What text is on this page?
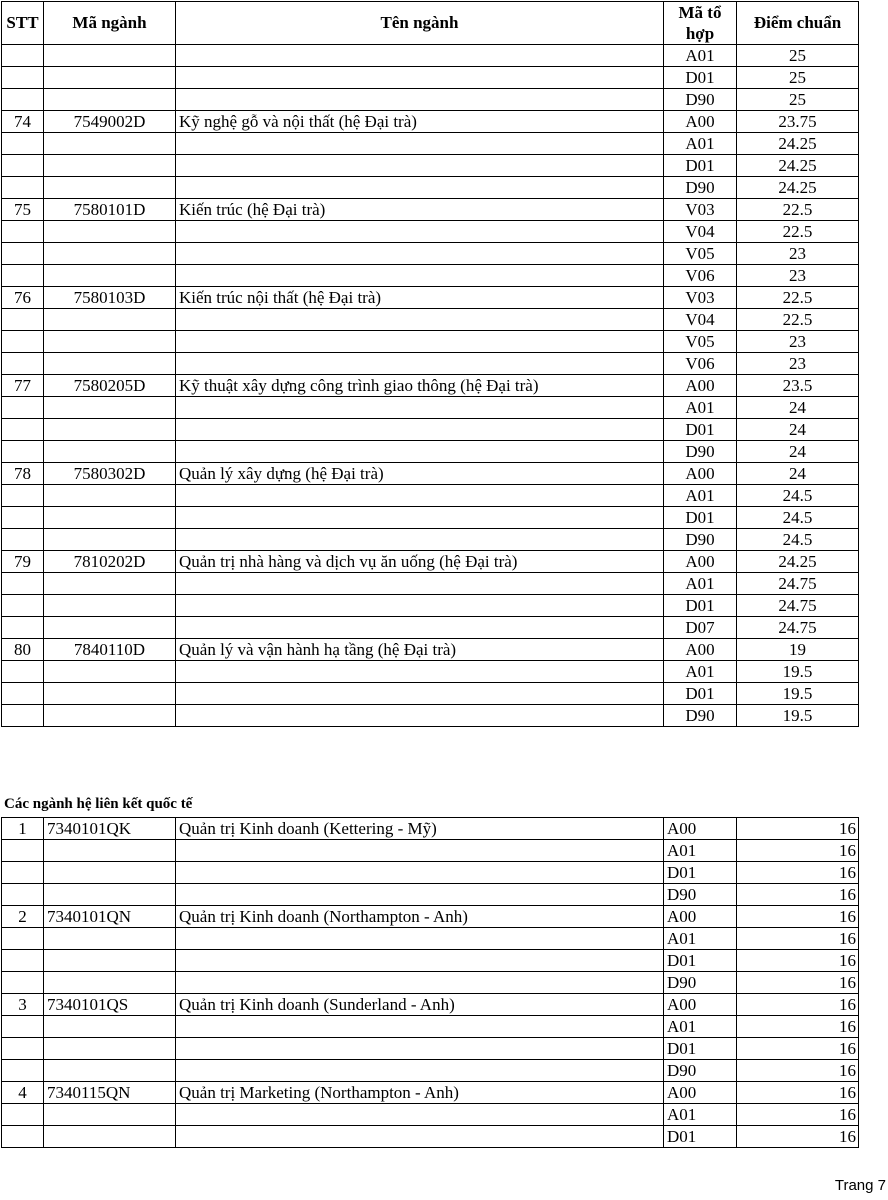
STT	Mã ngành	Tên ngành	Mã tổ hợp	Điểm chuẩn
			A01	25
			D01	25
			D90	25
74	7549002D	Kỹ nghệ gỗ và nội thất (hệ Đại trà)	A00	23.75
			A01	24.25
			D01	24.25
			D90	24.25
75	7580101D	Kiến trúc (hệ Đại trà)	V03	22.5
			V04	22.5
			V05	23
			V06	23
76	7580103D	Kiến trúc nội thất (hệ Đại trà)	V03	22.5
			V04	22.5
			V05	23
			V06	23
77	7580205D	Kỹ thuật xây dựng công trình giao thông (hệ Đại trà)	A00	23.5
			A01	24
			D01	24
			D90	24
78	7580302D	Quản lý xây dựng (hệ Đại trà)	A00	24
			A01	24.5
			D01	24.5
			D90	24.5
79	7810202D	Quản trị nhà hàng và dịch vụ ăn uống (hệ Đại trà)	A00	24.25
			A01	24.75
			D01	24.75
			D07	24.75
80	7840110D	Quản lý và vận hành hạ tầng (hệ Đại trà)	A00	19
			A01	19.5
			D01	19.5
			D90	19.5
Các ngành hệ liên kết quốc tế
1	7340101QK	Quản trị Kinh doanh (Kettering - Mỹ)	A00	16
			A01	16
			D01	16
			D90	16
2	7340101QN	Quản trị Kinh doanh (Northampton - Anh)	A00	16
			A01	16
			D01	16
			D90	16
3	7340101QS	Quản trị Kinh doanh (Sunderland - Anh)	A00	16
			A01	16
			D01	16
			D90	16
4	7340115QN	Quản trị Marketing (Northampton - Anh)	A00	16
			A01	16
			D01	16
Trang 7
